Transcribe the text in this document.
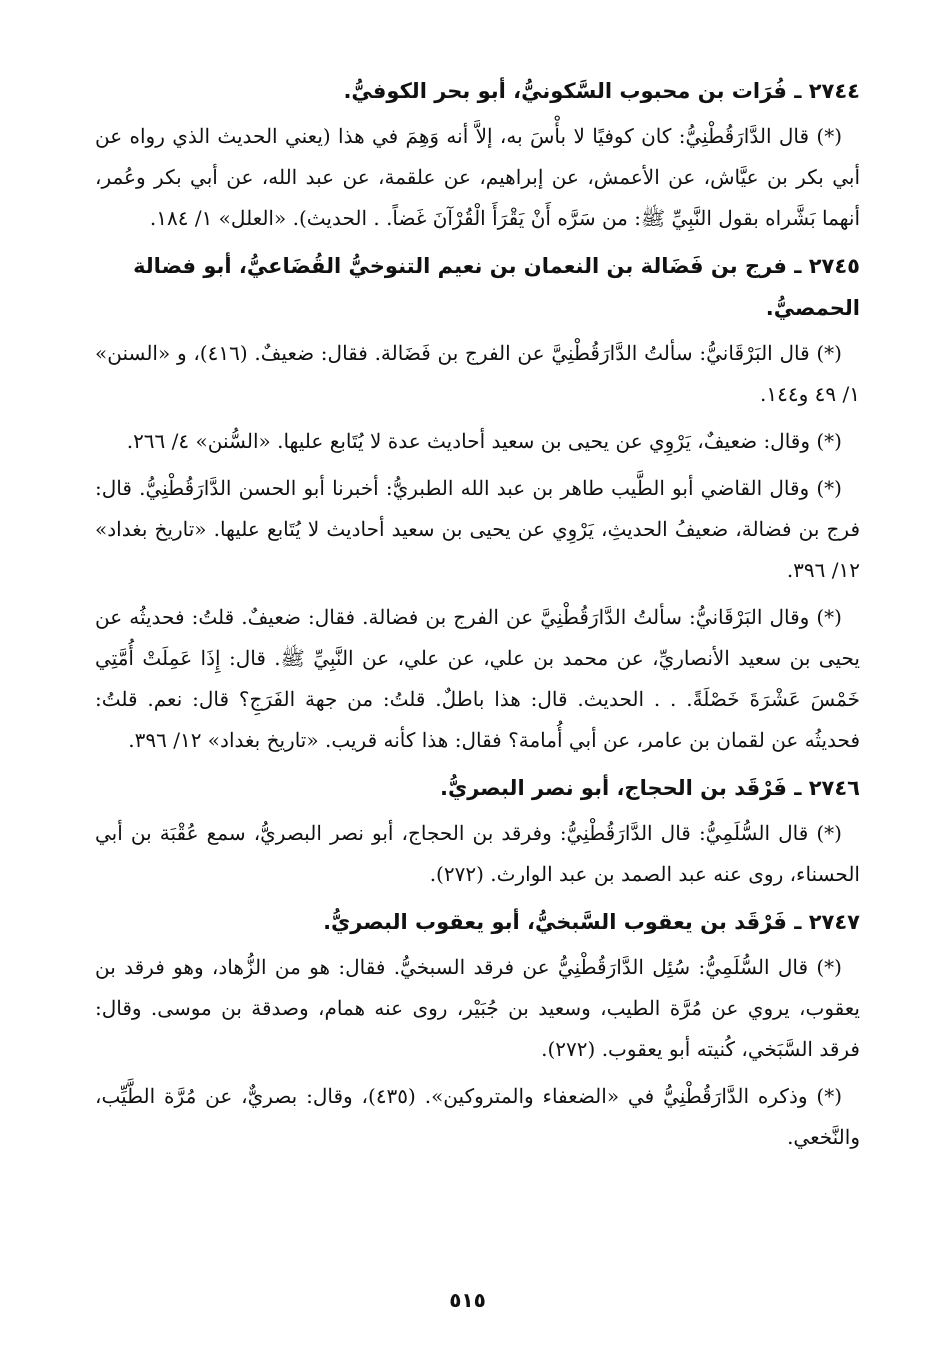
٢٧٤٤ ـ فُرَات بن محبوب السَّكونيُّ، أبو بحر الكوفيُّ.
(*) قال الدَّارَقُطْنِيُّ: كان كوفيًا لا بأْسَ به، إلاَّ أنه وَهِمَ في هذا (يعني الحديث الذي رواه عن أبي بكر بن عيَّاش، عن الأعمش، عن إبراهيم، عن علقمة، عن عبد الله، عن أبي بكر وعُمر، أنهما بَشَّراه بقول النَّبِيِّ ﷺ: من سَرَّه أَنْ يَقْرَأَ الْقُرْآنَ غَضاً. . الحديث). «العلل» ١/ ١٨٤.
٢٧٤٥ ـ فرج بن فَضَالة بن النعمان بن نعيم التنوخيُّ القُضَاعيُّ، أبو فضالة الحمصيُّ.
(*) قال البَرْقَانيُّ: سألتُ الدَّارَقُطْنِيَّ عن الفرج بن فَضَالة. فقال: ضعيفٌ. (٤١٦)، و «السنن» ١/ ٤٩ و١٤٤.
(*) وقال: ضعيفٌ، يَرْوِي عن يحيى بن سعيد أحاديث عدة لا يُتَابع عليها. «السُّنن» ٤/ ٢٦٦.
(*) وقال القاضي أبو الطَّيب طاهر بن عبد الله الطبريُّ: أخبرنا أبو الحسن الدَّارَقُطْنِيُّ. قال: فرج بن فضالة، ضعيفُ الحديثِ، يَرْوِي عن يحيى بن سعيد أحاديث لا يُتَابع عليها. «تاريخ بغداد» ١٢/ ٣٩٦.
(*) وقال البَرْقَانيُّ: سألتُ الدَّارَقُطْنِيَّ عن الفرج بن فضالة. فقال: ضعيفٌ. قلتُ: فحديثُه عن يحيى بن سعيد الأنصاريِّ، عن محمد بن علي، عن علي، عن النَّبِيِّ ﷺ. قال: إِذَا عَمِلَتْ أُمَّتِي خَمْسَ عَشْرَةَ خَصْلَةً. . . الحديث. قال: هذا باطلٌ. قلتُ: من جهة الفَرَجِ؟ قال: نعم. قلتُ: فحديثُه عن لقمان بن عامر، عن أبي أُمامة؟ فقال: هذا كأنه قريب. «تاريخ بغداد» ١٢/ ٣٩٦.
٢٧٤٦ ـ فَرْقَد بن الحجاج، أبو نصر البصريُّ.
(*) قال السُّلَمِيُّ: قال الدَّارَقُطْنِيُّ: وفرقد بن الحجاج، أبو نصر البصريُّ، سمع عُقْبَة بن أبي الحسناء، روى عنه عبد الصمد بن عبد الوارث. (٢٧٢).
٢٧٤٧ ـ فَرْقَد بن يعقوب السَّبخيُّ، أبو يعقوب البصريُّ.
(*) قال السُّلَمِيُّ: سُئِل الدَّارَقُطْنِيُّ عن فرقد السبخيُّ. فقال: هو من الزُّهاد، وهو فرقد بن يعقوب، يروي عن مُرَّة الطيب، وسعيد بن جُبَيْر، روى عنه همام، وصدقة بن موسى. وقال: فرقد السَّبَخي، كُنيته أبو يعقوب. (٢٧٢).
(*) وذكره الدَّارَقُطْنِيُّ في «الضعفاء والمتروكين». (٤٣٥)، وقال: بصريٌّ، عن مُرَّة الطَّيِّب، والنَّخعي.
٥١٥
